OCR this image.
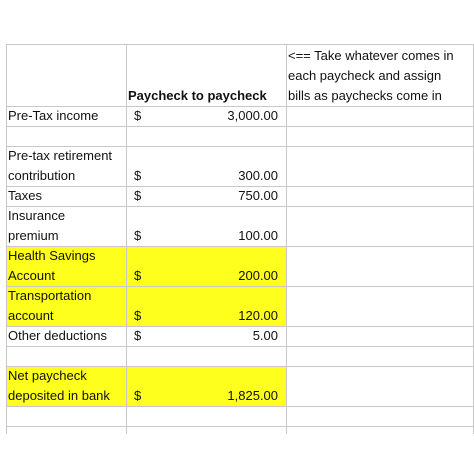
<== Take whatever comes in
each paycheck and assign
bills as paychecks come in
Paycheck to paycheck
Pre-Tax income	$	3,000.00
Pre-tax retirement
contribution	$	300.00
Taxes	$	750.00
Insurance
premium	$	100.00
Health Savings
Account	$	200.00
Transportation
account	$	120.00
Other deductions $	5.00
Net paycheck
deposited in bank $	1,825.00
